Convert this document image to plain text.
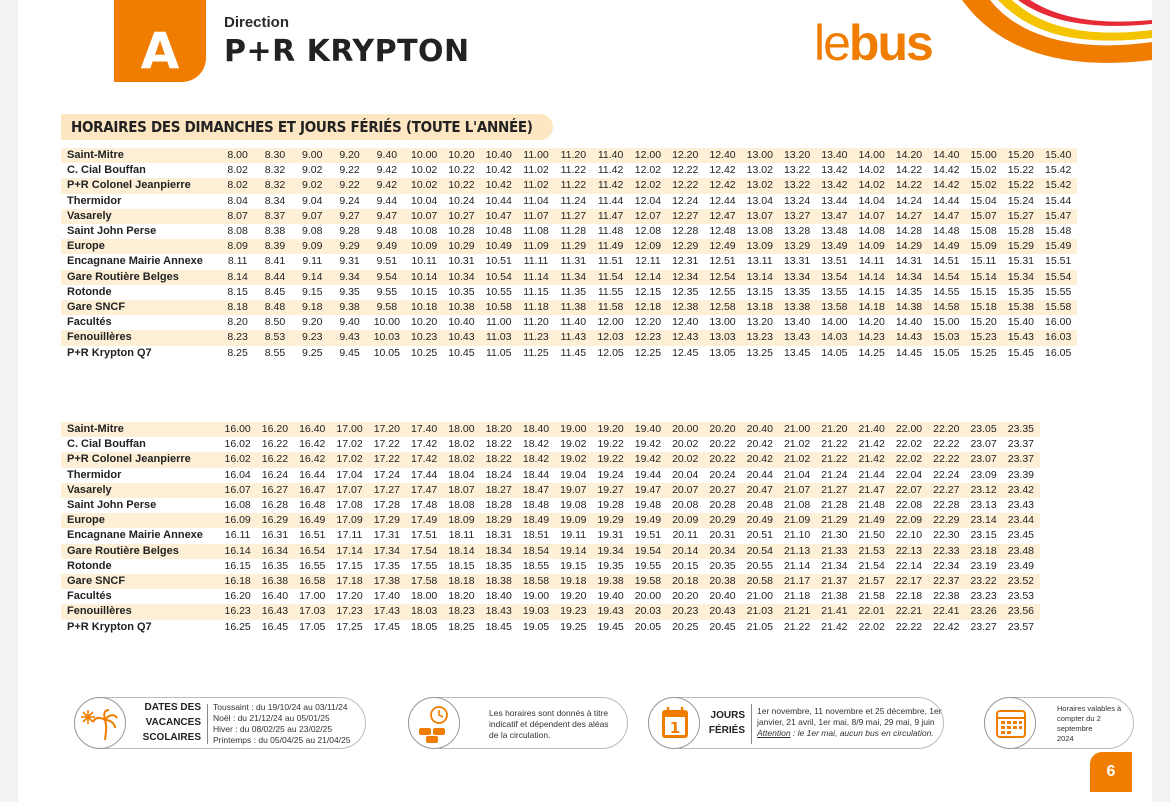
A	Direction
P+R KRYPTON	lebus
HORAIRES DES DIMANCHES ET JOURS FÉRIÉS (TOUTE L'ANNÉE)
Saint-Mitre	8.00	8.30	9.00	9.20	9.40	10.00	10.20	10.40	11.00	11.20	11.40	12.00	12.20	12.40	13.00	13.20	13.40	14.00	14.20	14.40	15.00	15.20	15.40
C. Cial Bouffan	8.02	8.32	9.02	9.22	9.42	10.02	10.22	10.42	11.02	11.22	11.42	12.02	12.22	12.42	13.02	13.22	13.42	14.02	14.22	14.42	15.02	15.22	15.42
P+R Colonel Jeanpierre	8.02	8.32	9.02	9.22	9.42	10.02	10.22	10.42	11.02	11.22	11.42	12.02	12.22	12.42	13.02	13.22	13.42	14.02	14.22	14.42	15.02	15.22	15.42
Thermidor	8.04	8.34	9.04	9.24	9.44	10.04	10.24	10.44	11.04	11.24	11.44	12.04	12.24	12.44	13.04	13.24	13.44	14.04	14.24	14.44	15.04	15.24	15.44
Vasarely	8.07	8.37	9.07	9.27	9.47	10.07	10.27	10.47	11.07	11.27	11.47	12.07	12.27	12.47	13.07	13.27	13.47	14.07	14.27	14.47	15.07	15.27	15.47
Saint John Perse	8.08	8.38	9.08	9.28	9.48	10.08	10.28	10.48	11.08	11.28	11.48	12.08	12.28	12.48	13.08	13.28	13.48	14.08	14.28	14.48	15.08	15.28	15.48
Europe	8.09	8.39	9.09	9.29	9.49	10.09	10.29	10.49	11.09	11.29	11.49	12.09	12.29	12.49	13.09	13.29	13.49	14.09	14.29	14.49	15.09	15.29	15.49
Encagnane Mairie Annexe	8.11	8.41	9.11	9.31	9.51	10.11	10.31	10.51	11.11	11.31	11.51	12.11	12.31	12.51	13.11	13.31	13.51	14.11	14.31	14.51	15.11	15.31	15.51
Gare Routière Belges	8.14	8.44	9.14	9.34	9.54	10.14	10.34	10.54	11.14	11.34	11.54	12.14	12.34	12.54	13.14	13.34	13.54	14.14	14.34	14.54	15.14	15.34	15.54
Rotonde	8.15	8.45	9.15	9.35	9.55	10.15	10.35	10.55	11.15	11.35	11.55	12.15	12.35	12.55	13.15	13.35	13.55	14.15	14.35	14.55	15.15	15.35	15.55
Gare SNCF	8.18	8.48	9.18	9.38	9.58	10.18	10.38	10.58	11.18	11.38	11.58	12.18	12.38	12.58	13.18	13.38	13.58	14.18	14.38	14.58	15.18	15.38	15.58
Facultés	8.20	8.50	9.20	9.40	10.00	10.20	10.40	11.00	11.20	11.40	12.00	12.20	12.40	13.00	13.20	13.40	14.00	14.20	14.40	15.00	15.20	15.40	16.00
Fenouillères	8.23	8.53	9.23	9.43	10.03	10.23	10.43	11.03	11.23	11.43	12.03	12.23	12.43	13.03	13.23	13.43	14.03	14.23	14.43	15.03	15.23	15.43	16.03
P+R Krypton Q7	8.25	8.55	9.25	9.45	10.05	10.25	10.45	11.05	11.25	11.45	12.05	12.25	12.45	13.05	13.25	13.45	14.05	14.25	14.45	15.05	15.25	15.45	16.05
Saint-Mitre	16.00	16.20	16.40	17.00	17.20	17.40	18.00	18.20	18.40	19.00	19.20	19.40	20.00	20.20	20.40	21.00	21.20	21.40	22.00	22.20	23.05	23.35
C. Cial Bouffan	16.02	16.22	16.42	17.02	17.22	17.42	18.02	18.22	18.42	19.02	19.22	19.42	20.02	20.22	20.42	21.02	21.22	21.42	22.02	22.22	23.07	23.37
P+R Colonel Jeanpierre	16.02	16.22	16.42	17.02	17.22	17.42	18.02	18.22	18.42	19.02	19.22	19.42	20.02	20.22	20.42	21.02	21.22	21.42	22.02	22.22	23.07	23.37
Thermidor	16.04	16.24	16.44	17.04	17.24	17.44	18.04	18.24	18.44	19.04	19.24	19.44	20.04	20.24	20.44	21.04	21.24	21.44	22.04	22.24	23.09	23.39
Vasarely	16.07	16.27	16.47	17.07	17.27	17.47	18.07	18.27	18.47	19.07	19.27	19.47	20.07	20.27	20.47	21.07	21.27	21.47	22.07	22.27	23.12	23.42
Saint John Perse	16.08	16.28	16.48	17.08	17.28	17.48	18.08	18.28	18.48	19.08	19.28	19.48	20.08	20.28	20.48	21.08	21.28	21.48	22.08	22.28	23.13	23.43
Europe	16.09	16.29	16.49	17.09	17.29	17.49	18.09	18.29	18.49	19.09	19.29	19.49	20.09	20.29	20.49	21.09	21.29	21.49	22.09	22.29	23.14	23.44
Encagnane Mairie Annexe	16.11	16.31	16.51	17.11	17.31	17.51	18.11	18.31	18.51	19.11	19.31	19.51	20.11	20.31	20.51	21.10	21.30	21.50	22.10	22.30	23.15	23.45
Gare Routière Belges	16.14	16.34	16.54	17.14	17.34	17.54	18.14	18.34	18.54	19.14	19.34	19.54	20.14	20.34	20.54	21.13	21.33	21.53	22.13	22.33	23.18	23.48
Rotonde	16.15	16.35	16.55	17.15	17.35	17.55	18.15	18.35	18.55	19.15	19.35	19.55	20.15	20.35	20.55	21.14	21.34	21.54	22.14	22.34	23.19	23.49
Gare SNCF	16.18	16.38	16.58	17.18	17.38	17.58	18.18	18.38	18.58	19.18	19.38	19.58	20.18	20.38	20.58	21.17	21.37	21.57	22.17	22.37	23.22	23.52
Facultés	16.20	16.40	17.00	17.20	17.40	18.00	18.20	18.40	19.00	19.20	19.40	20.00	20.20	20.40	21.00	21.18	21.38	21.58	22.18	22.38	23.23	23.53
Fenouillères	16.23	16.43	17.03	17.23	17.43	18.03	18.23	18.43	19.03	19.23	19.43	20.03	20.23	20.43	21.03	21.21	21.41	22.01	22.21	22.41	23.26	23.56
P+R Krypton Q7	16.25	16.45	17.05	17.25	17.45	18.05	18.25	18.45	19.05	19.25	19.45	20.05	20.25	20.45	21.05	21.22	21.42	22.02	22.22	22.42	23.27	23.57
DATES DES
VACANCES
SCOLAIRES
Toussaint : du 19/10/24 au 03/11/24
Noël : du 21/12/24 au 05/01/25
Hiver : du 08/02/25 au 23/02/25
Printemps : du 05/04/25 au 21/04/25
Les horaires sont donnés à titre
indicatif et dépendent des aléas
de la circulation.	1
JOURS
FÉRIÉS
1er novembre, 11 novembre et 25 décembre, 1er
janvier, 21 avril, 1er mai, 8/9 mai, 29 mai, 9 juin
Attention : le 1er mai, aucun bus en circulation.
Horaires valables à
compter du 2 septembre
2024
6
